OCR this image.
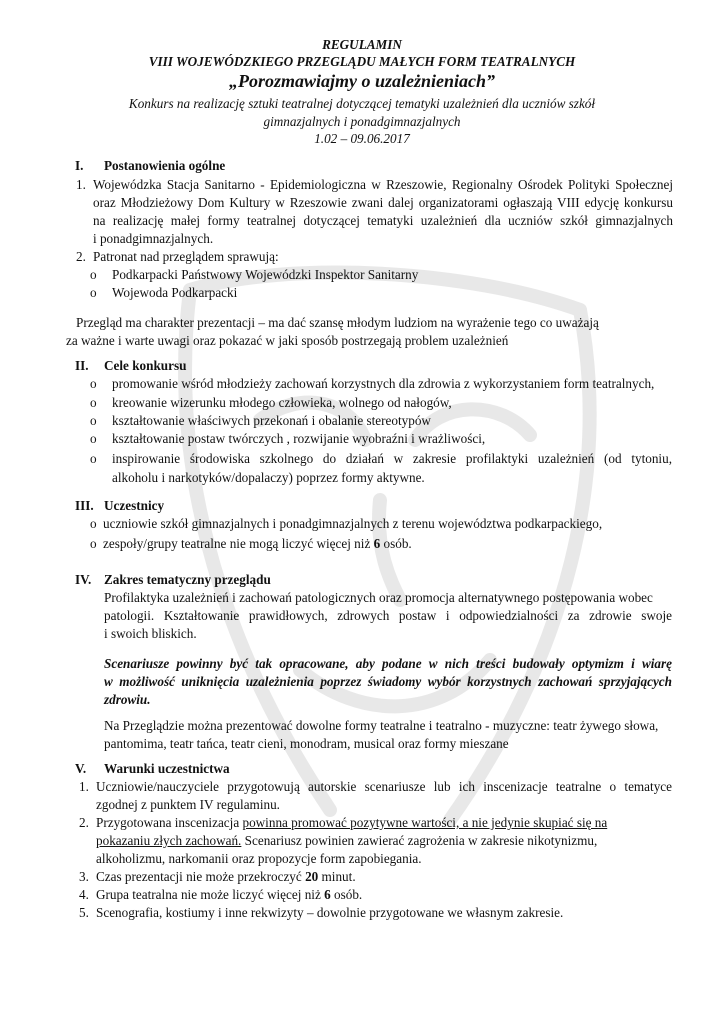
REGULAMIN
VIII WOJEWÓDZKIEGO PRZEGLĄDU MAŁYCH FORM TEATRALNYCH
„Porozmawiajmy o uzależnieniach”
Konkurs na realizację sztuki teatralnej dotyczącej tematyki uzależnień dla uczniów szkół
gimnazjalnych i ponadgimnazjalnych
1.02 – 09.06.2017
I. Postanowienia ogólne
1. Wojewódzka Stacja Sanitarno - Epidemiologiczna w Rzeszowie, Regionalny Ośrodek Polityki Społecznej
oraz Młodzieżowy Dom Kultury w Rzeszowie zwani dalej organizatorami ogłaszają VIII edycję konkursu
na realizację małej formy teatralnej dotyczącej tematyki uzależnień dla uczniów szkół gimnazjalnych
i ponadgimnazjalnych.
2. Patronat nad przeglądem sprawują:
o Podkarpacki Państwowy Wojewódzki Inspektor Sanitarny
o Wojewoda Podkarpacki
Przegląd ma charakter prezentacji – ma dać szansę młodym ludziom na wyrażenie tego co uważają
za ważne i warte uwagi oraz pokazać w jaki sposób postrzegają problem uzależnień
II. Cele konkursu
o promowanie wśród młodzieży zachowań korzystnych dla zdrowia z wykorzystaniem form teatralnych,
o kreowanie wizerunku młodego człowieka, wolnego od nałogów,
o kształtowanie właściwych przekonań i obalanie stereotypów
o kształtowanie postaw twórczych , rozwijanie wyobraźni i wrażliwości,
o inspirowanie środowiska szkolnego do działań w zakresie profilaktyki uzależnień (od tytoniu,
alkoholu i narkotyków/dopalaczy) poprzez formy aktywne.
III. Uczestnicy
o uczniowie szkół gimnazjalnych i ponadgimnazjalnych z terenu województwa podkarpackiego,
o zespoły/grupy teatralne nie mogą liczyć więcej niż 6 osób.
IV. Zakres tematyczny przeglądu
Profilaktyka uzależnień i zachowań patologicznych oraz promocja alternatywnego postępowania wobec
patologii. Kształtowanie prawidłowych, zdrowych postaw i odpowiedzialności za zdrowie swoje
i swoich bliskich.
Scenariusze powinny być tak opracowane, aby podane w nich treści budowały optymizm i wiarę
w możliwość uniknięcia uzależnienia poprzez świadomy wybór korzystnych zachowań sprzyjających
zdrowiu.
Na Przeglądzie można prezentować dowolne formy teatralne i teatralno - muzyczne: teatr żywego słowa,
pantomima, teatr tańca, teatr cieni, monodram, musical oraz formy mieszane
V. Warunki uczestnictwa
1. Uczniowie/nauczyciele przygotowują autorskie scenariusze lub ich inscenizacje teatralne o tematyce
zgodnej z punktem IV regulaminu.
2. Przygotowana inscenizacja powinna promować pozytywne wartości, a nie jedynie skupiać się na
pokazaniu złych zachowań. Scenariusz powinien zawierać zagrożenia w zakresie nikotynizmu,
alkoholizmu, narkomanii oraz propozycje form zapobiegania.
3. Czas prezentacji nie może przekroczyć 20 minut.
4. Grupa teatralna nie może liczyć więcej niż 6 osób.
5. Scenografia, kostiumy i inne rekwizyty – dowolnie przygotowane we własnym zakresie.
